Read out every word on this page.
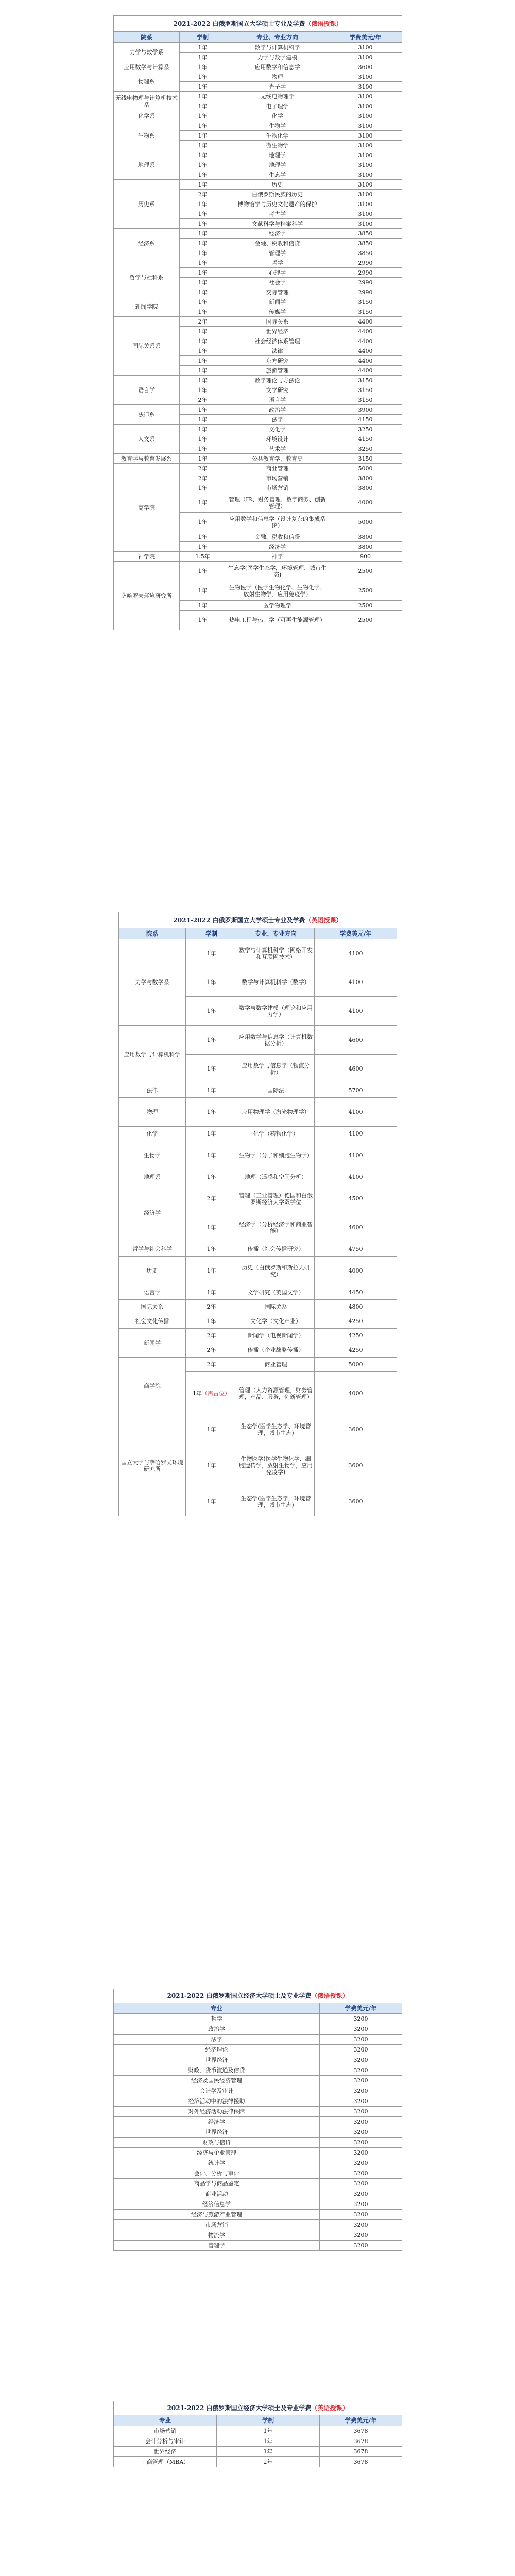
2021-2022 白俄罗斯国立大学硕士专业及学费（俄语授课）			
院系	学制	专业、专业方向	学费美元/年
力学与数学系	1年	数学与计算机科学	3100
	1年	力学与数学建模	3100
应用数学与计算系	1年	应用数学和信息学	3600
物理系	1年	物理	3100
	1年	光子学	3100
无线电物理与计算机技术系	1年	无线电物理学	3100
	1年	电子理学	3100
化学系	1年	化学	3100
生物系	1年	生物学	3100
	1年	生物化学	3100
	1年	微生物学	3100
地理系	1年	地理学	3100
	1年	地理学	3100
	1年	生态学	3100
历史系	1年	历史	3100
	2年	白俄罗斯民族的历史	3100
	1年	博物馆学与历史文化遗产的保护	3100
	1年	考古学	3100
	1年	文献科学与档案科学	3100
经济系	1年	经济学	3850
	1年	金融、税收和信贷	3850
	1年	管理学	3850
哲学与社科系	1年	哲学	2990
	1年	心理学	2990
	1年	社会学	2990
	1年	交际管理	2990
新闻学院	1年	新闻学	3150
	1年	传媒学	3150
国际关系系	2年	国际关系	4400
	1年	世界经济	4400
	1年	社会经济体系管理	4400
	1年	法律	4400
	1年	东方研究	4400
	1年	旅游管理	4400
语言学	1年	教学理论与方法论	3150
	1年	文学研究	3150
	2年	语言学	3150
法律系	1年	政治学	3900
	1年	法学	4150
人文系	1年	文化学	3250
	1年	环境设计	4150
	1年	艺术学	3250
教育学与教育发展系	1年	公共教育学、教育史	3150
商学院	2年	商业管理	5000
	2年	市场营销	3800
	1年	市场营销	3800
	1年	管理（IR、财务管理、数字商务、创新管理）	4000
	1年	应用数学和信息学（设计复杂的集成系统）	5000
	1年	金融、税收和信贷	3800
	1年	经济学	3800
神学院	1.5年	神学	900
萨哈罗夫环境研究所	1年	生态学(医学生态学，环境管理、城市生态)	2500
	1年	生物医学（医学生物化学、生物化学、放射生物学、应用免疫学）	2500
	1年	医学物理学	2500
	1年	热电工程与热工学（可再生能源管理）	2500
2021-2022 白俄罗斯国立大学硕士专业及学费（英语授课）			
院系	学制	专业、专业方向	学费美元/年
力学与数学系	1年	数学与计算机科学（网络开发和互联网技术）	4100
	1年	数学与计算机科学（数学）	4100
	1年	数学与数学建模（理论和应用力学）	4100
应用数学与计算机科学	1年	应用数学与信息学（计算机数据分析）	4600
	1年	应用数学与信息学（物流分析）	4600
法律	1年	国际法	5700
物理	1年	应用物理学（激光物理学）	4100
化学	1年	化学（药物化学）	4100
生物学	1年	生物学（分子和细胞生物学）	4100
地理系	1年	地理（遥感和空间分析）	4100
经济学	2年	管理（工业管理）德国和白俄罗斯经济大学双学位	4500
	1年	经济学（分析经济学和商业智能）	4600
哲学与社会科学	1年	传播（社会传播研究）	4750
历史	1年	历史（白俄罗斯和斯拉夫研究）	4000
语言学	1年	文学研究（英国文学）	4450
国际关系	2年	国际关系	4800
社会文化传播	1年	文化学（文化产业）	4250
新闻学	2年	新闻学（电视新闻学）	4250
	2年	传播（企业战略传播）	4250
商学院	2年	商业管理	5000
	1年（需古位）	管理（人力资源管理，财务管理，产品、服务，创新管理）	4000
国立大学与萨哈罗夫环境研究所	1年	生态学(医学生态学、环境管理，城市生态)	3600
	1年	生物医学(医学生物化学、细胞遗传学，放射生物学，应用免疫学)	3600
	1年	生态学(医学生态学，环境管理，城市生态)	3600
2021-2022 白俄罗斯国立经济大学硕士及专业学费（俄语授课）	
专业	学费美元/年
哲学	3200
政治学	3200
法学	3200
经济理论	3200
世界经济	3200
财政、货币流通及信贷	3200
经济及国民经济管理	3200
会计学及审计	3200
经济活动中的法律援助	3200
对外经济活动法律保障	3200
经济学	3200
世界经济	3200
财政与信贷	3200
经济与企业管理	3200
统计学	3200
会计、分析与审计	3200
商品学与商品鉴定	3200
商业活动	3200
经济信息学	3200
经济与旅游产业管理	3200
市场营销	3200
物流学	3200
管理学	3200
2021-2022 白俄罗斯国立经济大学硕士及专业学费（英语授课）		
专业	学制	学费美元/年
市场营销	1年	3678
会计分析与审计	1年	3678
世界经济	1年	3678
工商管理（MBA）	2年	3678
